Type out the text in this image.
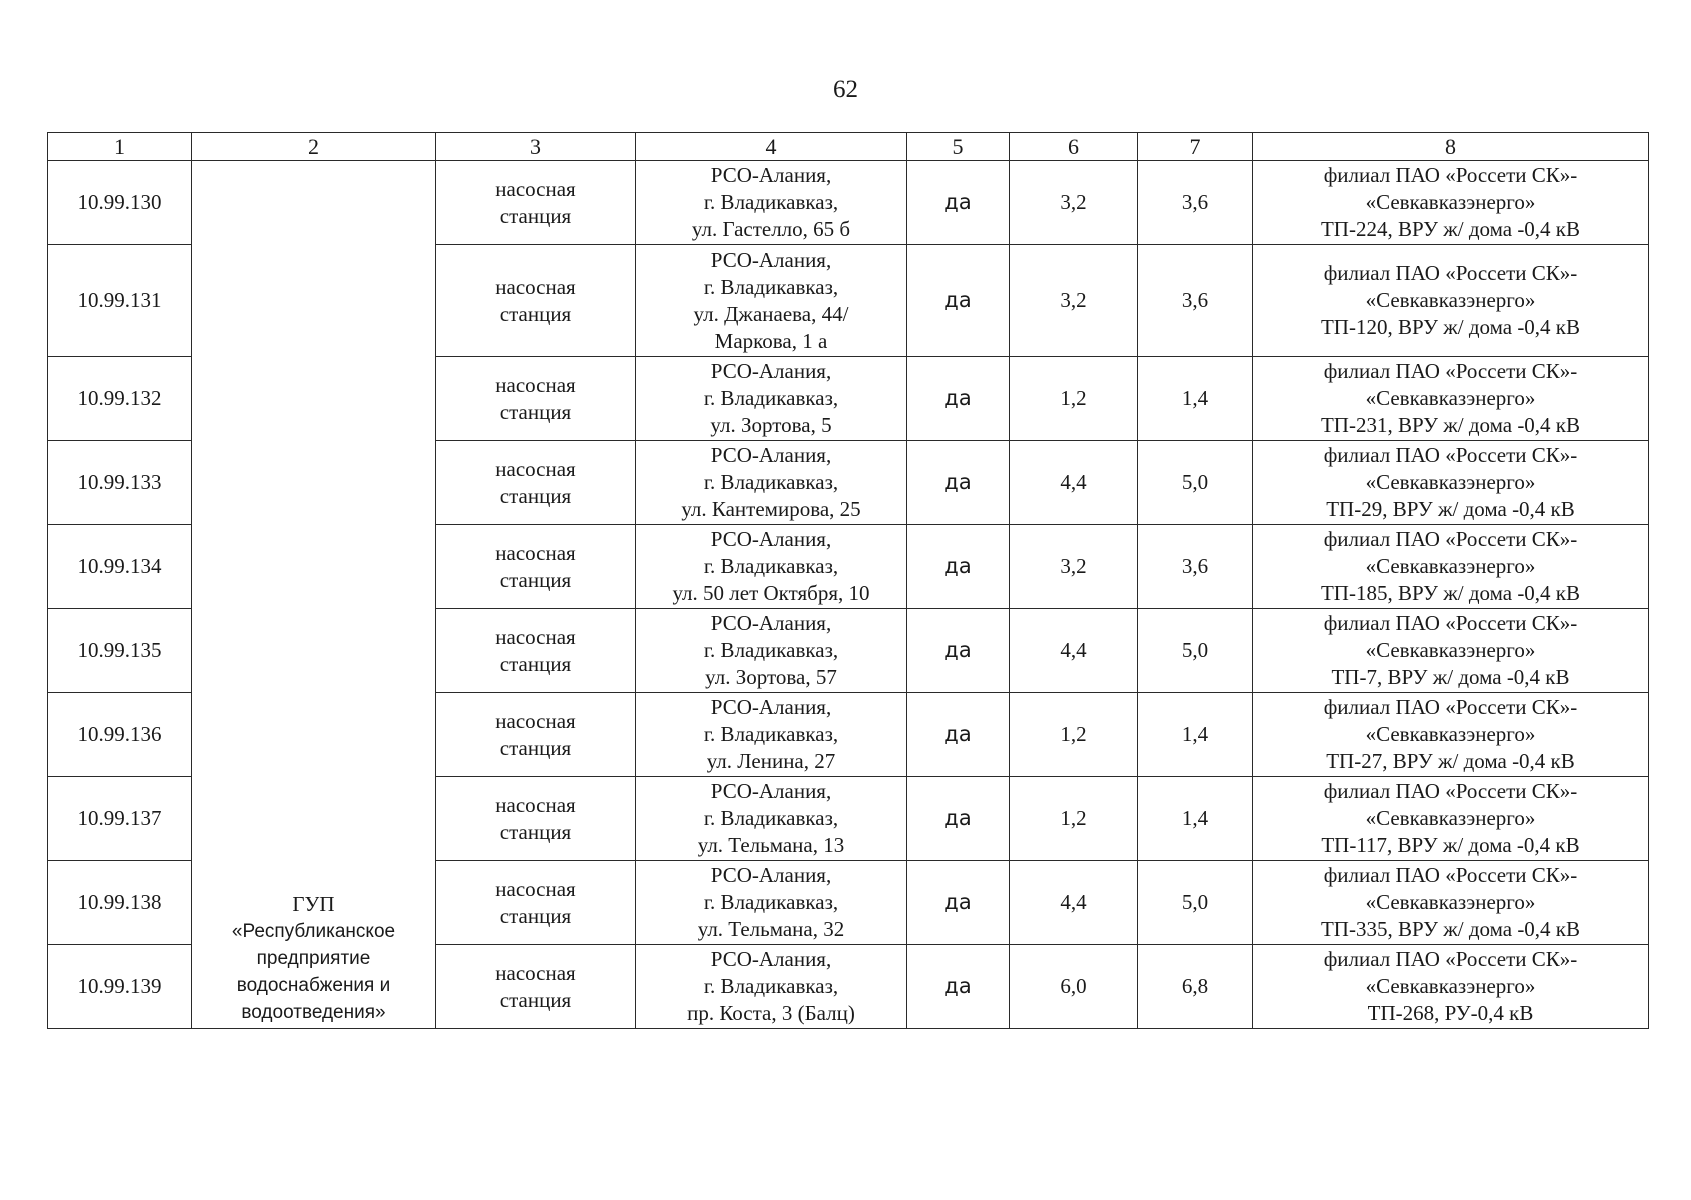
62
1	2	3	4	5	6	7	8
10.99.130	ГУП
«Республиканское
предприятие
водоснабжения и
водоотведения»	насосная
станция	РСО-Алания,
г. Владикавказ,
ул. Гастелло, 65 б	да	3,2	3,6	филиал ПАО «Россети СК»-
«Севкавказэнерго»
ТП-224, ВРУ ж/ дома -0,4 кВ

10.99.131		насосная
станция	РСО-Алания,
г. Владикавказ,
ул. Джанаева, 44/
Маркова, 1 а	да	3,2	3,6	филиал ПАО «Россети СК»-
«Севкавказэнерго»
ТП-120, ВРУ ж/ дома -0,4 кВ

10.99.132		насосная
станция	РСО-Алания,
г. Владикавказ,
ул. Зортова, 5	да	1,2	1,4	филиал ПАО «Россети СК»-
«Севкавказэнерго»
ТП-231, ВРУ ж/ дома -0,4 кВ

10.99.133		насосная
станция	РСО-Алания,
г. Владикавказ,
ул. Кантемирова, 25	да	4,4	5,0	филиал ПАО «Россети СК»-
«Севкавказэнерго»
ТП-29, ВРУ ж/ дома -0,4 кВ

10.99.134		насосная
станция	РСО-Алания,
г. Владикавказ,
ул. 50 лет Октября, 10	да	3,2	3,6	филиал ПАО «Россети СК»-
«Севкавказэнерго»
ТП-185, ВРУ ж/ дома -0,4 кВ

10.99.135		насосная
станция	РСО-Алания,
г. Владикавказ,
ул. Зортова, 57	да	4,4	5,0	филиал ПАО «Россети СК»-
«Севкавказэнерго»
ТП-7, ВРУ ж/ дома -0,4 кВ

10.99.136		насосная
станция	РСО-Алания,
г. Владикавказ,
ул. Ленина, 27	да	1,2	1,4	филиал ПАО «Россети СК»-
«Севкавказэнерго»
ТП-27, ВРУ ж/ дома -0,4 кВ

10.99.137		насосная
станция	РСО-Алания,
г. Владикавказ,
ул. Тельмана, 13	да	1,2	1,4	филиал ПАО «Россети СК»-
«Севкавказэнерго»
ТП-117, ВРУ ж/ дома -0,4 кВ

10.99.138		насосная
станция	РСО-Алания,
г. Владикавказ,
ул. Тельмана, 32	да	4,4	5,0	филиал ПАО «Россети СК»-
«Севкавказэнерго»
ТП-335, ВРУ ж/ дома -0,4 кВ

10.99.139		насосная
станция	РСО-Алания,
г. Владикавказ,
пр. Коста, 3 (Балц)	да	6,0	6,8	филиал ПАО «Россети СК»-
«Севкавказэнерго»
ТП-268, РУ-0,4 кВ
